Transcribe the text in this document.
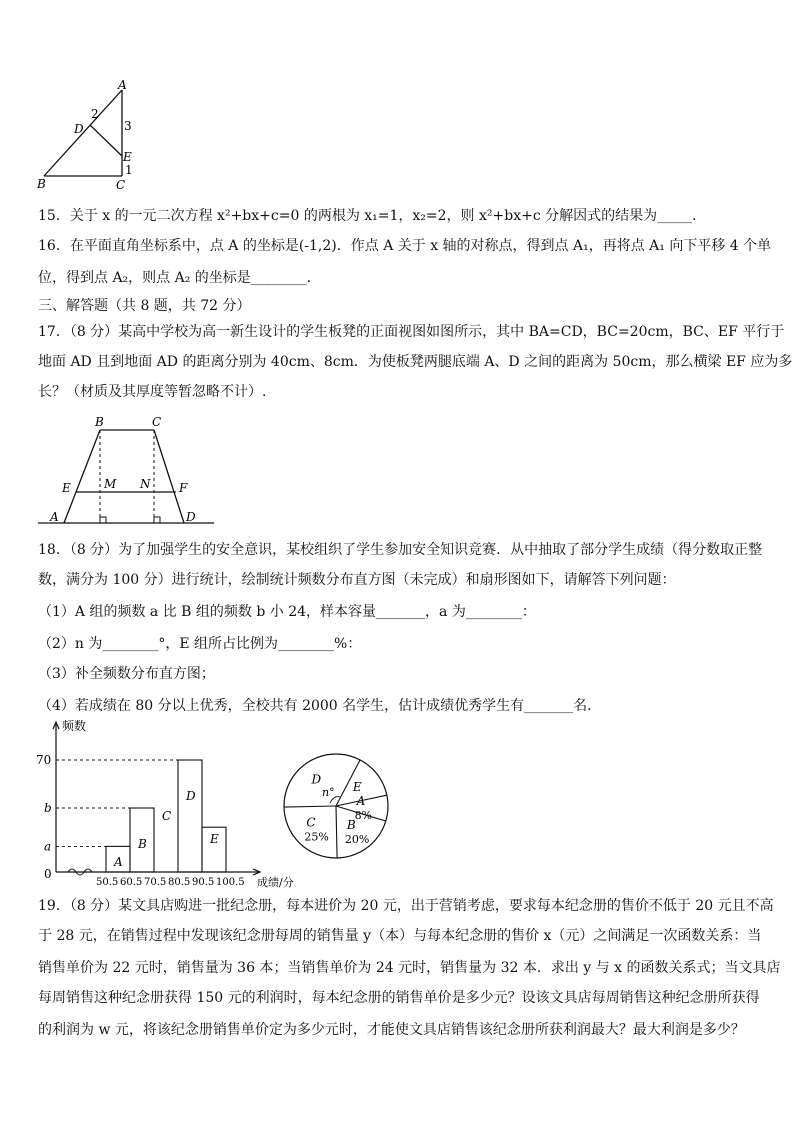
A
B	C
D
E
2
3
1
15．关于 x 的一元二次方程 x²+bx+c=0 的两根为 x₁=1，x₂=2，则 x²+bx+c 分解因式的结果为_____．
16．在平面直角坐标系中，点 A 的坐标是(-1,2)．作点 A 关于 x 轴的对称点，得到点 A₁，再将点 A₁ 向下平移 4 个单
位，得到点 A₂，则点 A₂ 的坐标是________．
三、解答题（共 8 题，共 72 分）
17．（8 分）某高中学校为高一新生设计的学生板凳的正面视图如图所示，其中 BA=CD，BC=20cm，BC、EF 平行于
地面 AD 且到地面 AD 的距离分别为 40cm、8cm．为使板凳两腿底端 A、D 之间的距离为 50cm，那么横梁 EF 应为多
长？（材质及其厚度等暂忽略不计）.
B	C
E	M N F
A	D
18．（8 分）为了加强学生的安全意识，某校组织了学生参加安全知识竞赛．从中抽取了部分学生成绩（得分数取正整
数，满分为 100 分）进行统计，绘制统计频数分布直方图（未完成）和扇形图如下，请解答下列问题：
（1）A 组的频数 a 比 B 组的频数 b 小 24，样本容量_______，a 为________：
（2）n 为________°，E 组所占比例为________%：
（3）补全频数分布直方图；
（4）若成绩在 80 分以上优秀，全校共有 2000 名学生，估计成绩优秀学生有_______名．
频数
成绩/分
0
a
b
70
A
B
C
D
E
50.5 60.5 70.5 80.5 90.5 100.5
A
8%
B
20%
C
25%
D
E
n°
19．（8 分）某文具店购进一批纪念册，每本进价为 20 元，出于营销考虑，要求每本纪念册的售价不低于 20 元且不高
于 28 元，在销售过程中发现该纪念册每周的销售量 y（本）与每本纪念册的售价 x（元）之间满足一次函数关系：当
销售单价为 22 元时，销售量为 36 本；当销售单价为 24 元时，销售量为 32 本．求出 y 与 x 的函数关系式；当文具店
每周销售这种纪念册获得 150 元的利润时，每本纪念册的销售单价是多少元？设该文具店每周销售这种纪念册所获得
的利润为 w 元，将该纪念册销售单价定为多少元时，才能使文具店销售该纪念册所获利润最大？最大利润是多少？
